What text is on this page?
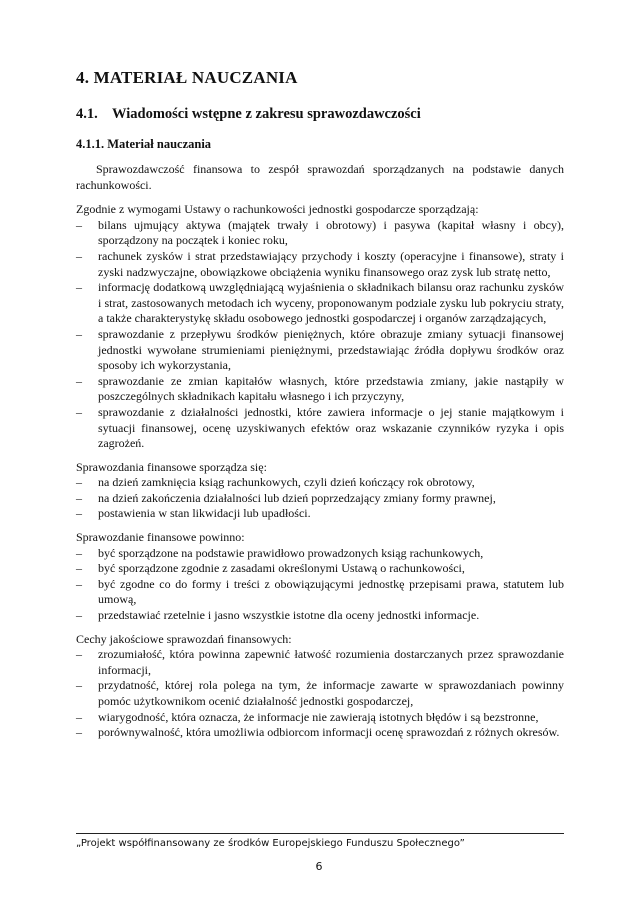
4. MATERIAŁ NAUCZANIA
4.1. Wiadomości wstępne z zakresu sprawozdawczości
4.1.1. Materiał nauczania

Sprawozdawczość finansowa to zespół sprawozdań sporządzanych na podstawie danych rachunkowości.

Zgodnie z wymogami Ustawy o rachunkowości jednostki gospodarcze sporządzają:

– bilans ujmujący aktywa (majątek trwały i obrotowy) i pasywa (kapitał własny i obcy), sporządzony na początek i koniec roku,
– rachunek zysków i strat przedstawiający przychody i koszty (operacyjne i finansowe), straty i zyski nadzwyczajne, obowiązkowe obciążenia wyniku finansowego oraz zysk lub stratę netto,
– informację dodatkową uwzględniającą wyjaśnienia o składnikach bilansu oraz rachunku zysków i strat, zastosowanych metodach ich wyceny, proponowanym podziale zysku lub pokryciu straty, a także charakterystykę składu osobowego jednostki gospodarczej i organów zarządzających,
– sprawozdanie z przepływu środków pieniężnych, które obrazuje zmiany sytuacji finansowej jednostki wywołane strumieniami pieniężnymi, przedstawiając źródła dopływu środków oraz sposoby ich wykorzystania,
– sprawozdanie ze zmian kapitałów własnych, które przedstawia zmiany, jakie nastąpiły w poszczególnych składnikach kapitału własnego i ich przyczyny,
– sprawozdanie z działalności jednostki, które zawiera informacje o jej stanie majątkowym i sytuacji finansowej, ocenę uzyskiwanych efektów oraz wskazanie czynników ryzyka i opis zagrożeń.

Sprawozdania finansowe sporządza się:

– na dzień zamknięcia ksiąg rachunkowych, czyli dzień kończący rok obrotowy,
– na dzień zakończenia działalności lub dzień poprzedzający zmiany formy prawnej,
– postawienia w stan likwidacji lub upadłości.

Sprawozdanie finansowe powinno:

– być sporządzone na podstawie prawidłowo prowadzonych ksiąg rachunkowych,
– być sporządzone zgodnie z zasadami określonymi Ustawą o rachunkowości,
– być zgodne co do formy i treści z obowiązującymi jednostkę przepisami prawa, statutem lub umową,
– przedstawiać rzetelnie i jasno wszystkie istotne dla oceny jednostki informacje.

Cechy jakościowe sprawozdań finansowych:

– zrozumiałość, która powinna zapewnić łatwość rozumienia dostarczanych przez sprawozdanie informacji,
– przydatność, której rola polega na tym, że informacje zawarte w sprawozdaniach powinny pomóc użytkownikom ocenić działalność jednostki gospodarczej,
– wiarygodność, która oznacza, że informacje nie zawierają istotnych błędów i są bezstronne,
– porównywalność, która umożliwia odbiorcom informacji ocenę sprawozdań z różnych okresów.
„Projekt współfinansowany ze środków Europejskiego Funduszu Społecznego”
6
